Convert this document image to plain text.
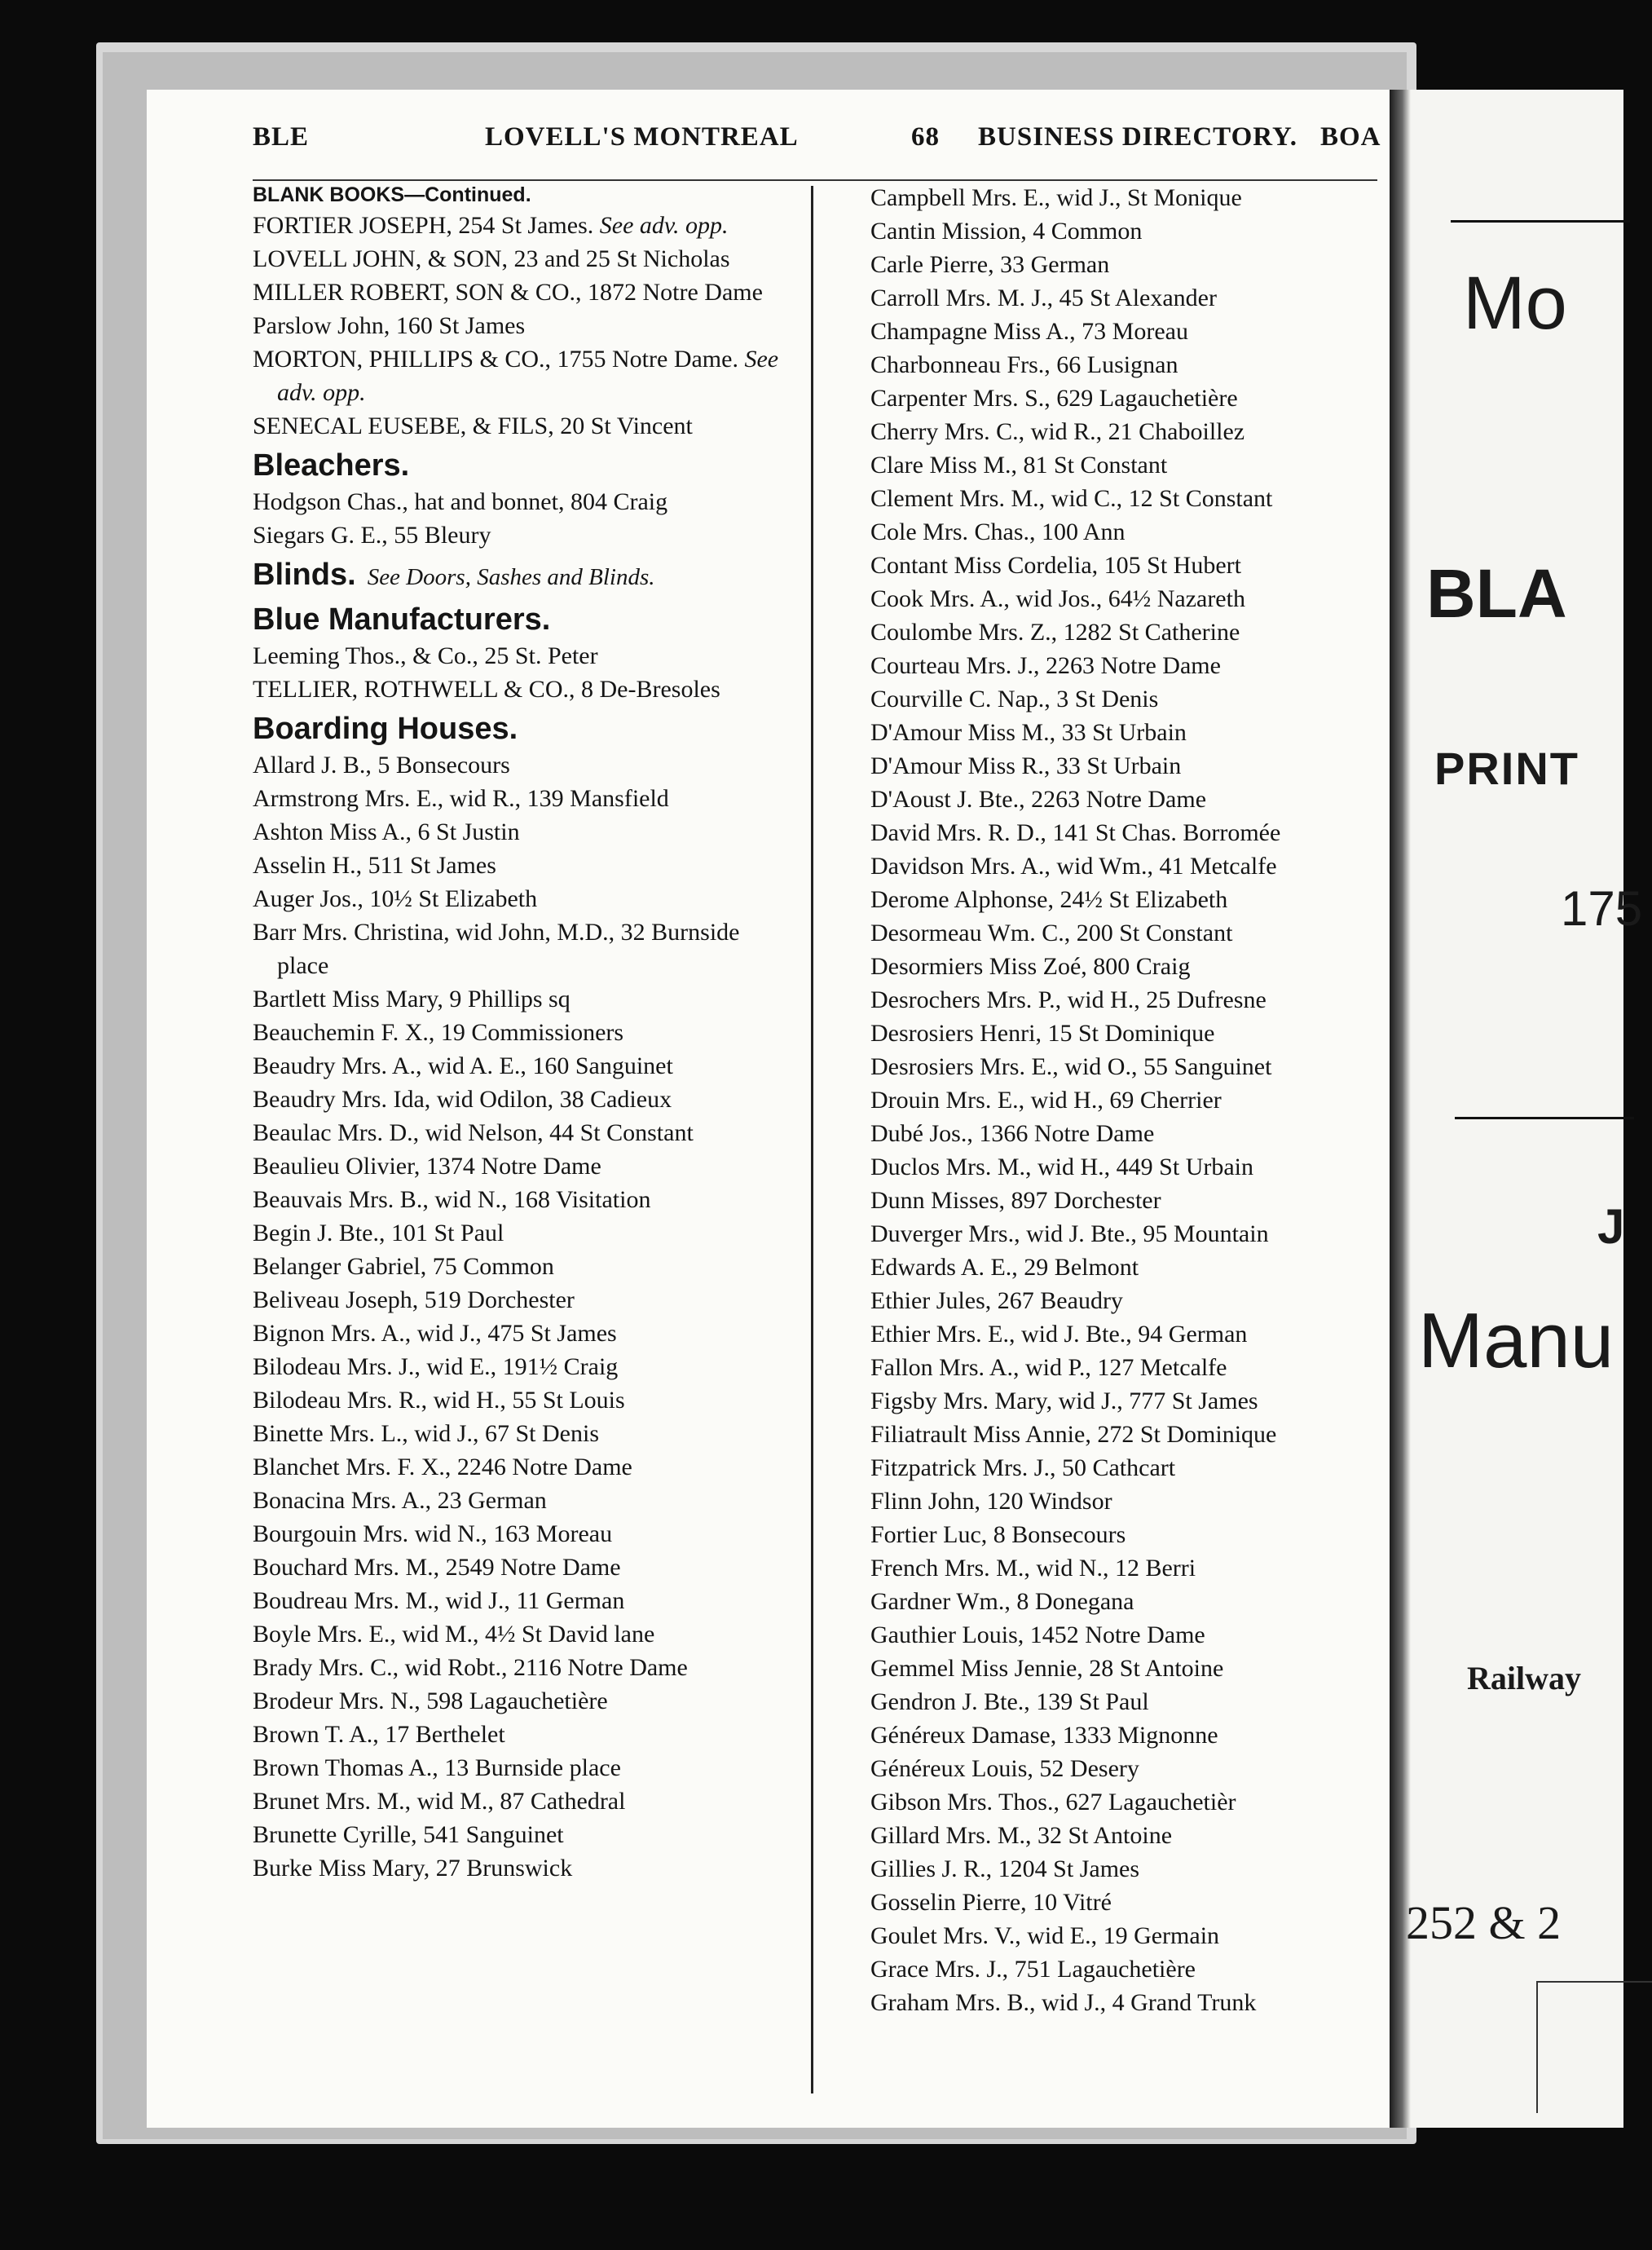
BLE	LOVELL'S MONTREAL	68 BUSINESS DIRECTORY. BOA
BLANK BOOKS—Continued.
FORTIER JOSEPH, 254 St James. See adv. opp.
LOVELL JOHN, & SON, 23 and 25 St Nicholas
MILLER ROBERT, SON & CO., 1872 Notre Dame
Parslow John, 160 St James
MORTON, PHILLIPS & CO., 1755 Notre Dame. See adv. opp.
SENECAL EUSEBE, & FILS, 20 St Vincent
Bleachers.
Hodgson Chas., hat and bonnet, 804 Craig
Siegars G. E., 55 Bleury
Blinds. See Doors, Sashes and Blinds.
Blue Manufacturers.
Leeming Thos., & Co., 25 St. Peter
TELLIER, ROTHWELL & CO., 8 De-Bresoles
Boarding Houses.
Allard J. B., 5 Bonsecours
Armstrong Mrs. E., wid R., 139 Mansfield
Ashton Miss A., 6 St Justin
Asselin H., 511 St James
Auger Jos., 10½ St Elizabeth
Barr Mrs. Christina, wid John, M.D., 32 Burnside place
Bartlett Miss Mary, 9 Phillips sq
Beauchemin F. X., 19 Commissioners
Beaudry Mrs. A., wid A. E., 160 Sanguinet
Beaudry Mrs. Ida, wid Odilon, 38 Cadieux
Beaulac Mrs. D., wid Nelson, 44 St Constant
Beaulieu Olivier, 1374 Notre Dame
Beauvais Mrs. B., wid N., 168 Visitation
Begin J. Bte., 101 St Paul
Belanger Gabriel, 75 Common
Beliveau Joseph, 519 Dorchester
Bignon Mrs. A., wid J., 475 St James
Bilodeau Mrs. J., wid E., 191½ Craig
Bilodeau Mrs. R., wid H., 55 St Louis
Binette Mrs. L., wid J., 67 St Denis
Blanchet Mrs. F. X., 2246 Notre Dame
Bonacina Mrs. A., 23 German
Bourgouin Mrs. wid N., 163 Moreau
Bouchard Mrs. M., 2549 Notre Dame
Boudreau Mrs. M., wid J., 11 German
Boyle Mrs. E., wid M., 4½ St David lane
Brady Mrs. C., wid Robt., 2116 Notre Dame
Brodeur Mrs. N., 598 Lagauchetière
Brown T. A., 17 Berthelet
Brown Thomas A., 13 Burnside place
Brunet Mrs. M., wid M., 87 Cathedral
Brunette Cyrille, 541 Sanguinet
Burke Miss Mary, 27 Brunswick
Campbell Mrs. E., wid J., St Monique
Cantin Mission, 4 Common
Carle Pierre, 33 German
Carroll Mrs. M. J., 45 St Alexander
Champagne Miss A., 73 Moreau
Charbonneau Frs., 66 Lusignan
Carpenter Mrs. S., 629 Lagauchetière
Cherry Mrs. C., wid R., 21 Chaboillez
Clare Miss M., 81 St Constant
Clement Mrs. M., wid C., 12 St Constant
Cole Mrs. Chas., 100 Ann
Contant Miss Cordelia, 105 St Hubert
Cook Mrs. A., wid Jos., 64½ Nazareth
Coulombe Mrs. Z., 1282 St Catherine
Courteau Mrs. J., 2263 Notre Dame
Courville C. Nap., 3 St Denis
D'Amour Miss M., 33 St Urbain
D'Amour Miss R., 33 St Urbain
D'Aoust J. Bte., 2263 Notre Dame
David Mrs. R. D., 141 St Chas. Borromée
Davidson Mrs. A., wid Wm., 41 Metcalfe
Derome Alphonse, 24½ St Elizabeth
Desormeau Wm. C., 200 St Constant
Desormiers Miss Zoé, 800 Craig
Desrochers Mrs. P., wid H., 25 Dufresne
Desrosiers Henri, 15 St Dominique
Desrosiers Mrs. E., wid O., 55 Sanguinet
Drouin Mrs. E., wid H., 69 Cherrier
Dubé Jos., 1366 Notre Dame
Duclos Mrs. M., wid H., 449 St Urbain
Dunn Misses, 897 Dorchester
Duverger Mrs., wid J. Bte., 95 Mountain
Edwards A. E., 29 Belmont
Ethier Jules, 267 Beaudry
Ethier Mrs. E., wid J. Bte., 94 German
Fallon Mrs. A., wid P., 127 Metcalfe
Figsby Mrs. Mary, wid J., 777 St James
Filiatrault Miss Annie, 272 St Dominique
Fitzpatrick Mrs. J., 50 Cathcart
Flinn John, 120 Windsor
Fortier Luc, 8 Bonsecours
French Mrs. M., wid N., 12 Berri
Gardner Wm., 8 Donegana
Gauthier Louis, 1452 Notre Dame
Gemmel Miss Jennie, 28 St Antoine
Gendron J. Bte., 139 St Paul
Généreux Damase, 1333 Mignonne
Généreux Louis, 52 Desery
Gibson Mrs. Thos., 627 Lagauchetièr
Gillard Mrs. M., 32 St Antoine
Gillies J. R., 1204 St James
Gosselin Pierre, 10 Vitré
Goulet Mrs. V., wid E., 19 Germain
Grace Mrs. J., 751 Lagauchetière
Graham Mrs. B., wid J., 4 Grand Trunk
Mo
BLA
PRINT
175
J
Manu
Railway
252 & 2
